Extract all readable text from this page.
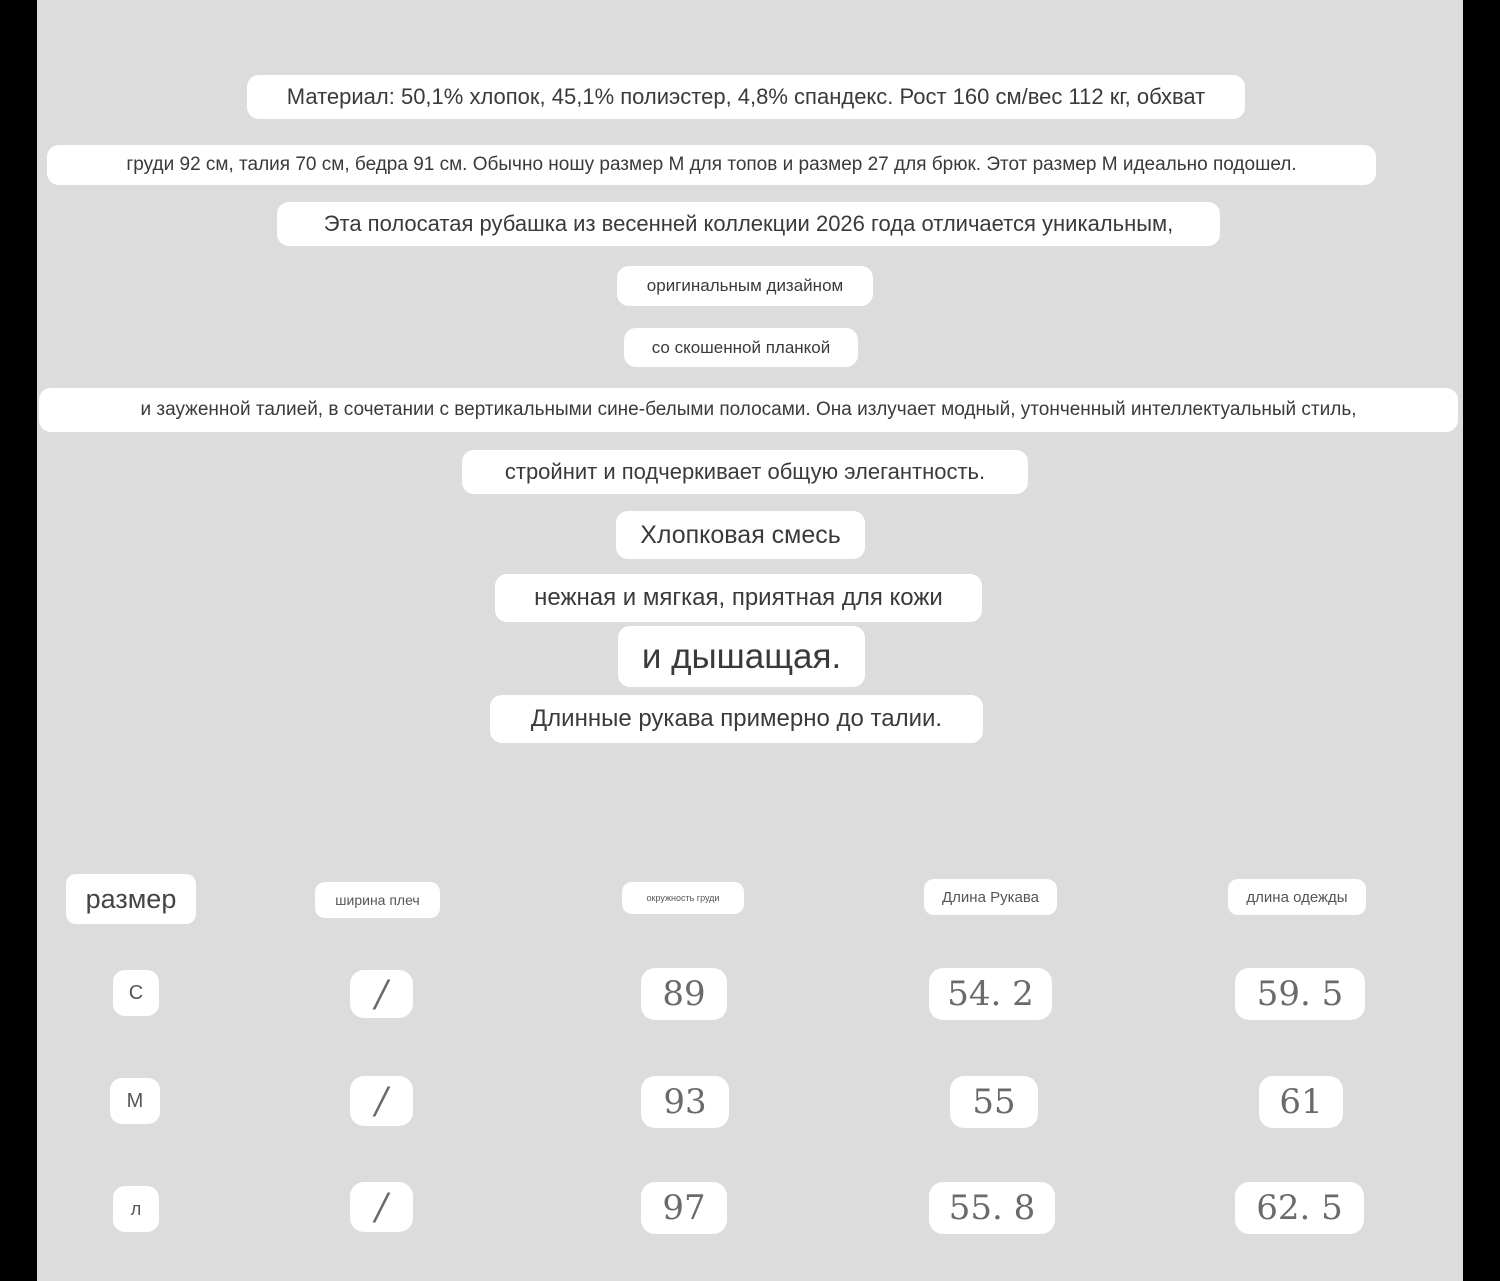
Материал: 50,1% хлопок, 45,1% полиэстер, 4,8% спандекс. Рост 160 см/вес 112 кг, обхват
груди 92 см, талия 70 см, бедра 91 см. Обычно ношу размер М для топов и размер 27 для брюк. Этот размер М идеально подошел.
Эта полосатая рубашка из весенней коллекции 2026 года отличается уникальным,
оригинальным дизайном
со скошенной планкой
и зауженной талией, в сочетании с вертикальными сине-белыми полосами. Она излучает модный, утонченный интеллектуальный стиль,
стройнит и подчеркивает общую элегантность.
Хлопковая смесь
нежная и мягкая, приятная для кожи
и дышащая.
Длинные рукава примерно до талии.
размер	ширина плеч	окружность груди	Длина Рукава	длина одежды
С	/	89	54. 2	59. 5
М	/	93	55	61
л	/	97	55. 8	62. 5
